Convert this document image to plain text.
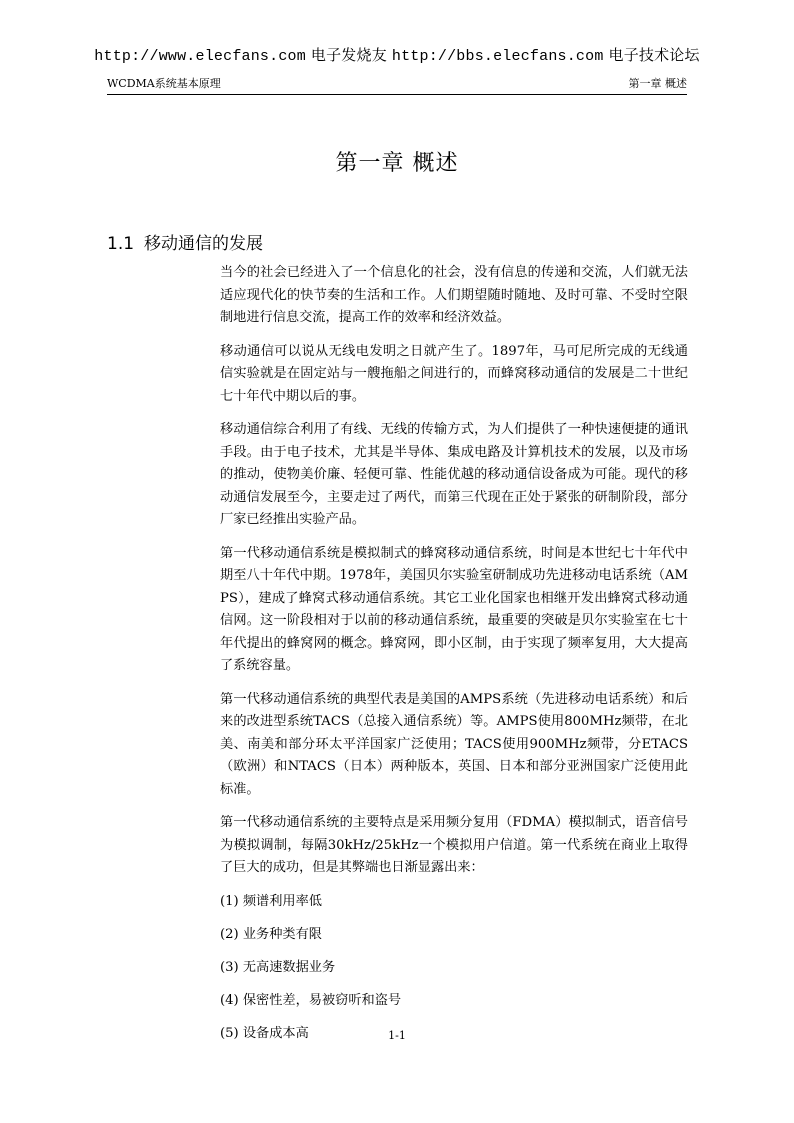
http://www.elecfans.com 电子发烧友 http://bbs.elecfans.com 电子技术论坛
WCDMA系统基本原理	第一章 概述
第一章 概述
1.1 移动通信的发展

当今的社会已经进入了一个信息化的社会，没有信息的传递和交流，人们就无法适应现代化的快节奏的生活和工作。人们期望随时随地、及时可靠、不受时空限制地进行信息交流，提高工作的效率和经济效益。

移动通信可以说从无线电发明之日就产生了。1897年，马可尼所完成的无线通信实验就是在固定站与一艘拖船之间进行的，而蜂窝移动通信的发展是二十世纪七十年代中期以后的事。

移动通信综合利用了有线、无线的传输方式，为人们提供了一种快速便捷的通讯手段。由于电子技术，尤其是半导体、集成电路及计算机技术的发展，以及市场的推动，使物美价廉、轻便可靠、性能优越的移动通信设备成为可能。现代的移动通信发展至今，主要走过了两代，而第三代现在正处于紧张的研制阶段，部分厂家已经推出实验产品。

第一代移动通信系统是模拟制式的蜂窝移动通信系统，时间是本世纪七十年代中期至八十年代中期。1978年，美国贝尔实验室研制成功先进移动电话系统（AMPS），建成了蜂窝式移动通信系统。其它工业化国家也相继开发出蜂窝式移动通信网。这一阶段相对于以前的移动通信系统，最重要的突破是贝尔实验室在七十年代提出的蜂窝网的概念。蜂窝网，即小区制，由于实现了频率复用，大大提高了系统容量。

第一代移动通信系统的典型代表是美国的AMPS系统（先进移动电话系统）和后来的改进型系统TACS（总接入通信系统）等。AMPS使用800MHz频带，在北美、南美和部分环太平洋国家广泛使用；TACS使用900MHz频带，分ETACS（欧洲）和NTACS（日本）两种版本，英国、日本和部分亚洲国家广泛使用此标准。

第一代移动通信系统的主要特点是采用频分复用（FDMA）模拟制式，语音信号为模拟调制，每隔30kHz/25kHz一个模拟用户信道。第一代系统在商业上取得了巨大的成功，但是其弊端也日渐显露出来：

(1) 频谱利用率低
(2) 业务种类有限
(3) 无高速数据业务
(4) 保密性差，易被窃听和盗号
(5) 设备成本高	1-1
